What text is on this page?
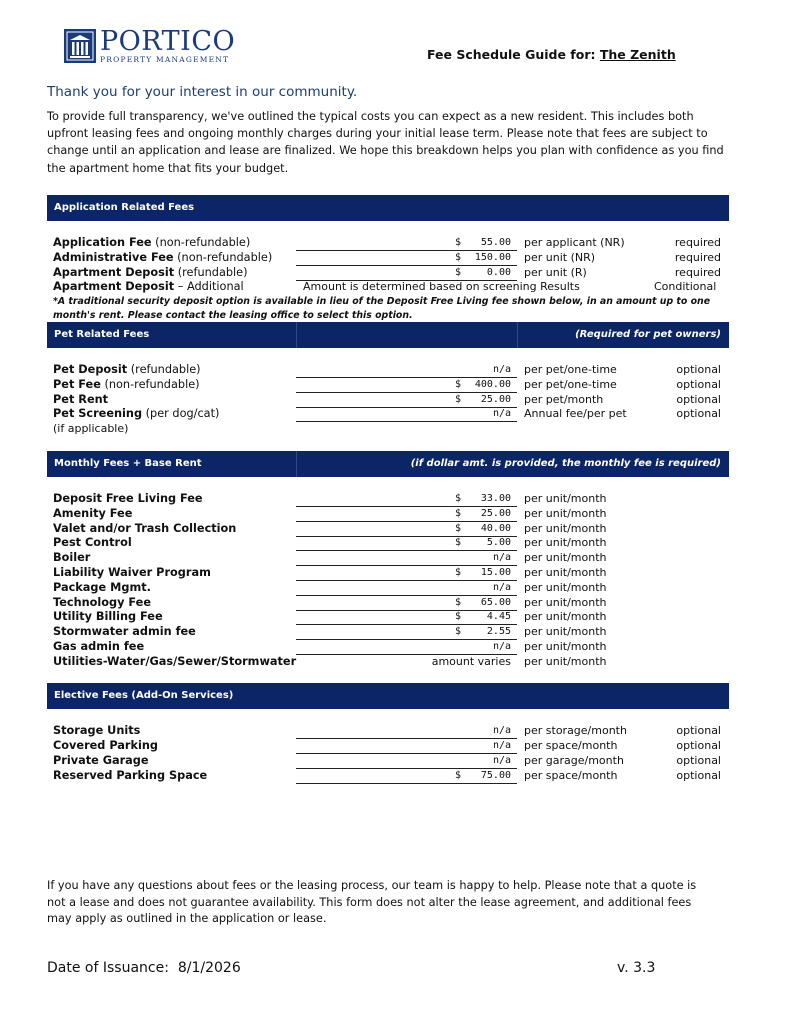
PORTICO
PROPERTY MANAGEMENT	Fee Schedule Guide for: The Zenith
Thank you for your interest in our community.
To provide full transparency, we've outlined the typical costs you can expect as a new resident. This includes both upfront leasing fees and ongoing monthly charges during your initial lease term. Please note that fees are subject to change until an application and lease are finalized. We hope this breakdown helps you plan with confidence as you find the apartment home that fits your budget.
Application Related Fees
Application Fee (non-refundable)	$ 55.00 per applicant (NR)	required
Administrative Fee (non-refundable)	$ 150.00 per unit (NR)	required
Apartment Deposit (refundable)	$	0.00 per unit (R)	required
Apartment Deposit – Additional	Amount is determined based on screening Results	Conditional
*A traditional security deposit option is available in lieu of the Deposit Free Living fee shown below, in an amount up to one month's rent. Please contact the leasing office to select this option.
Pet Related Fees	(Required for pet owners)
Pet Deposit (refundable)	n/a per pet/one-time	optional
Pet Fee (non-refundable)	$ 400.00 per pet/one-time	optional
Pet Rent	$ 25.00 per pet/month	optional
Pet Screening (per dog/cat)	n/a Annual fee/per pet	optional
(if applicable)
Monthly Fees + Base Rent	(if dollar amt. is provided, the monthly fee is required)
Deposit Free Living Fee	$ 33.00 per unit/month
Amenity Fee	$ 25.00 per unit/month
Valet and/or Trash Collection	$ 40.00 per unit/month
Pest Control	$	5.00 per unit/month
Boiler	n/a per unit/month
Liability Waiver Program	$ 15.00 per unit/month
Package Mgmt.	n/a per unit/month
Technology Fee	$ 65.00 per unit/month
Utility Billing Fee	$	4.45 per unit/month
Stormwater admin fee	$	2.55 per unit/month
Gas admin fee	n/a per unit/month
Utilities-Water/Gas/Sewer/Stormwater	amount varies per unit/month
Elective Fees (Add-On Services)
Storage Units	n/a per storage/month	optional
Covered Parking	n/a per space/month	optional
Private Garage	n/a per garage/month	optional
Reserved Parking Space	$ 75.00 per space/month	optional
If you have any questions about fees or the leasing process, our team is happy to help. Please note that a quote is not a lease and does not guarantee availability. This form does not alter the lease agreement, and additional fees may apply as outlined in the application or lease.
Date of Issuance: 8/1/2026	v. 3.3
